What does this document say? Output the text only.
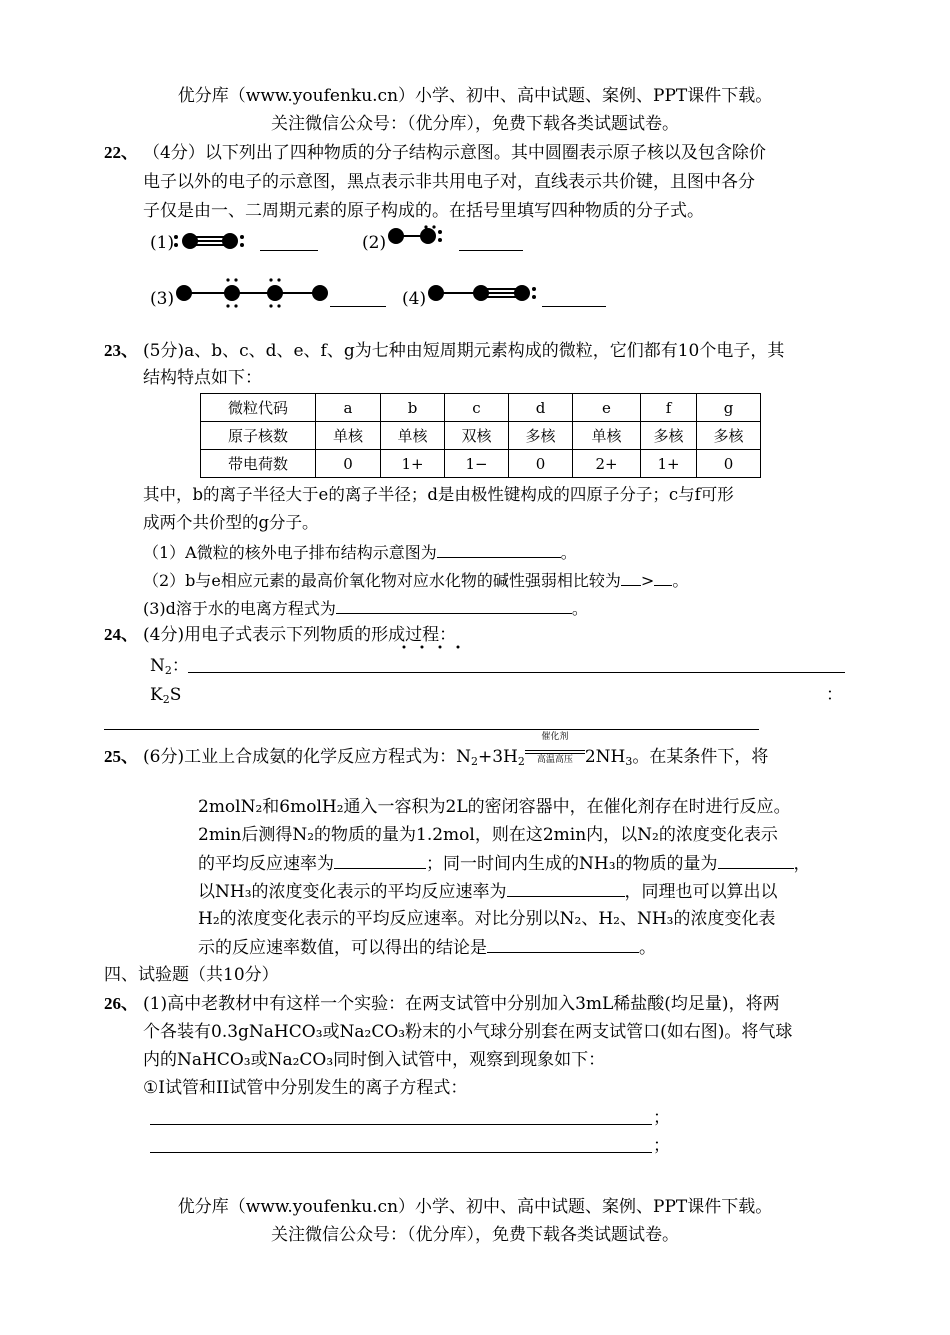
优分库（www.youfenku.cn）小学、初中、高中试题、案例、PPT课件下载。
关注微信公众号：（优分库），免费下载各类试题试卷。
22、 （4分）以下列出了四种物质的分子结构示意图。其中圆圈表示原子核以及包含除价
电子以外的电子的示意图，黑点表示非共用电子对，直线表示共价键，且图中各分
子仅是由一、二周期元素的原子构成的。在括号里填写四种物质的分子式。
(1)	(2)
(3)	(4)
23、 (5分)a、b、c、d、e、f、g为七种由短周期元素构成的微粒，它们都有10个电子，其
结构特点如下：
微粒代码	a	b	c	d	e	f	g
原子核数	单核	单核	双核	多核	单核	多核	多核
带电荷数	0	1+	1−	0	2+	1+	0
其中，b的离子半径大于e的离子半径；d是由极性键构成的四原子分子；c与f可形
成两个共价型的g分子。
（1）A微粒的核外电子排布结构示意图为	。
（2）b与e相应元素的最高价氧化物对应水化物的碱性强弱相比较为 > 。
(3)d溶于水的电离方程式为	。
24、 (4分)用电子式表示下列物质的形成过程：
$N_2$：
$K_2S$	：
25、 (6分)工业上合成氨的化学反应方程式为：$N_2+3H_2$
催化剂
高温高压 $2NH_3$。在某条件下，将
2molN₂和6molH₂通入一容积为2L的密闭容器中，在催化剂存在时进行反应。
2min后测得N₂的物质的量为1.2mol，则在这2min内，以N₂的浓度变化表示
的平均反应速率为	；同一时间内生成的NH₃的物质的量为	，
以NH₃的浓度变化表示的平均反应速率为	，同理也可以算出以
H₂的浓度变化表示的平均反应速率。对比分别以N₂、H₂、NH₃的浓度变化表
示的反应速率数值，可以得出的结论是	。
四、试验题（共10分）
26、 (1)高中老教材中有这样一个实验：在两支试管中分别加入3mL稀盐酸(均足量)，将两
个各装有0.3gNaHCO₃或Na₂CO₃粉末的小气球分别套在两支试管口(如右图)。将气球
内的NaHCO₃或Na₂CO₃同时倒入试管中，观察到现象如下：
①I试管和II试管中分别发生的离子方程式：
；
；
优分库（www.youfenku.cn）小学、初中、高中试题、案例、PPT课件下载。
关注微信公众号：（优分库），免费下载各类试题试卷。
